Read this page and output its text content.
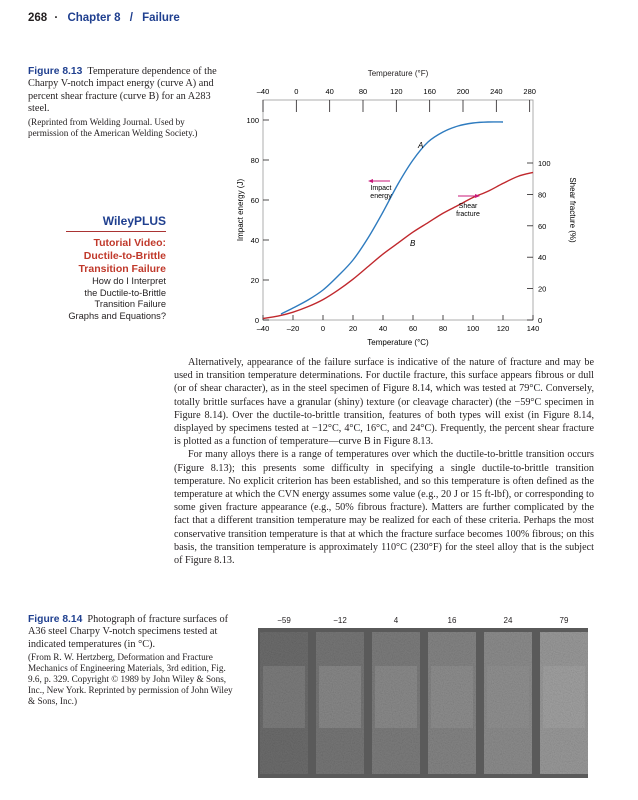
268 · Chapter 8 / Failure
Figure 8.13 Temperature dependence of the Charpy V-notch impact energy (curve A) and percent shear fracture (curve B) for an A283 steel.
(Reprinted from Welding Journal. Used by permission of the American Welding Society.)
WileyPLUS
Tutorial Video:
Ductile-to-Brittle
Transition Failure
How do I Interpret
the Ductile-to-Brittle
Transition Failure
Graphs and Equations?
Temperature (°F)
–40 –20	0	20	40	60	80	100 120 140
–40	0	40	80	120	160	200	240	280
0
20
40
60
80
100
0
20
40
60
80
100
A
B
Impact
energy
Shear
fracture
Temperature (°C)
Impact energy (J)	Shear fracture (%)

Alternatively, appearance of the failure surface is indicative of the nature of fracture and may be used in transition temperature determinations. For ductile fracture, this surface appears fibrous or dull (or of shear character), as in the steel specimen of Figure 8.14, which was tested at 79°C. Conversely, totally brittle surfaces have a granular (shiny) texture (or cleavage character) (the −59°C specimen in Figure 8.14). Over the ductile-to-brittle transition, features of both types will exist (in Figure 8.14, displayed by specimens tested at −12°C, 4°C, 16°C, and 24°C). Frequently, the percent shear fracture is plotted as a function of temperature—curve B in Figure 8.13.

For many alloys there is a range of temperatures over which the ductile-to-brittle transition occurs (Figure 8.13); this presents some difficulty in specifying a single ductile-to-brittle transition temperature. No explicit criterion has been established, and so this temperature is often defined as the temperature at which the CVN energy assumes some value (e.g., 20 J or 15 ft-lbf), or corresponding to some given fracture appearance (e.g., 50% fibrous fracture). Matters are further complicated by the fact that a different transition temperature may be realized for each of these criteria. Perhaps the most conservative transition temperature is that at which the fracture surface becomes 100% fibrous; on this basis, the transition temperature is approximately 110°C (230°F) for the steel alloy that is the subject of Figure 8.13.

Figure 8.14 Photograph of fracture surfaces of A36 steel Charpy V-notch specimens tested at indicated temperatures (in °C).
(From R. W. Hertzberg, Deformation and Fracture Mechanics of Engineering Materials, 3rd edition, Fig. 9.6, p. 329. Copyright © 1989 by John Wiley & Sons, Inc., New York. Reprinted by permission of John Wiley & Sons, Inc.)
−59	−12	4	16	24	79
